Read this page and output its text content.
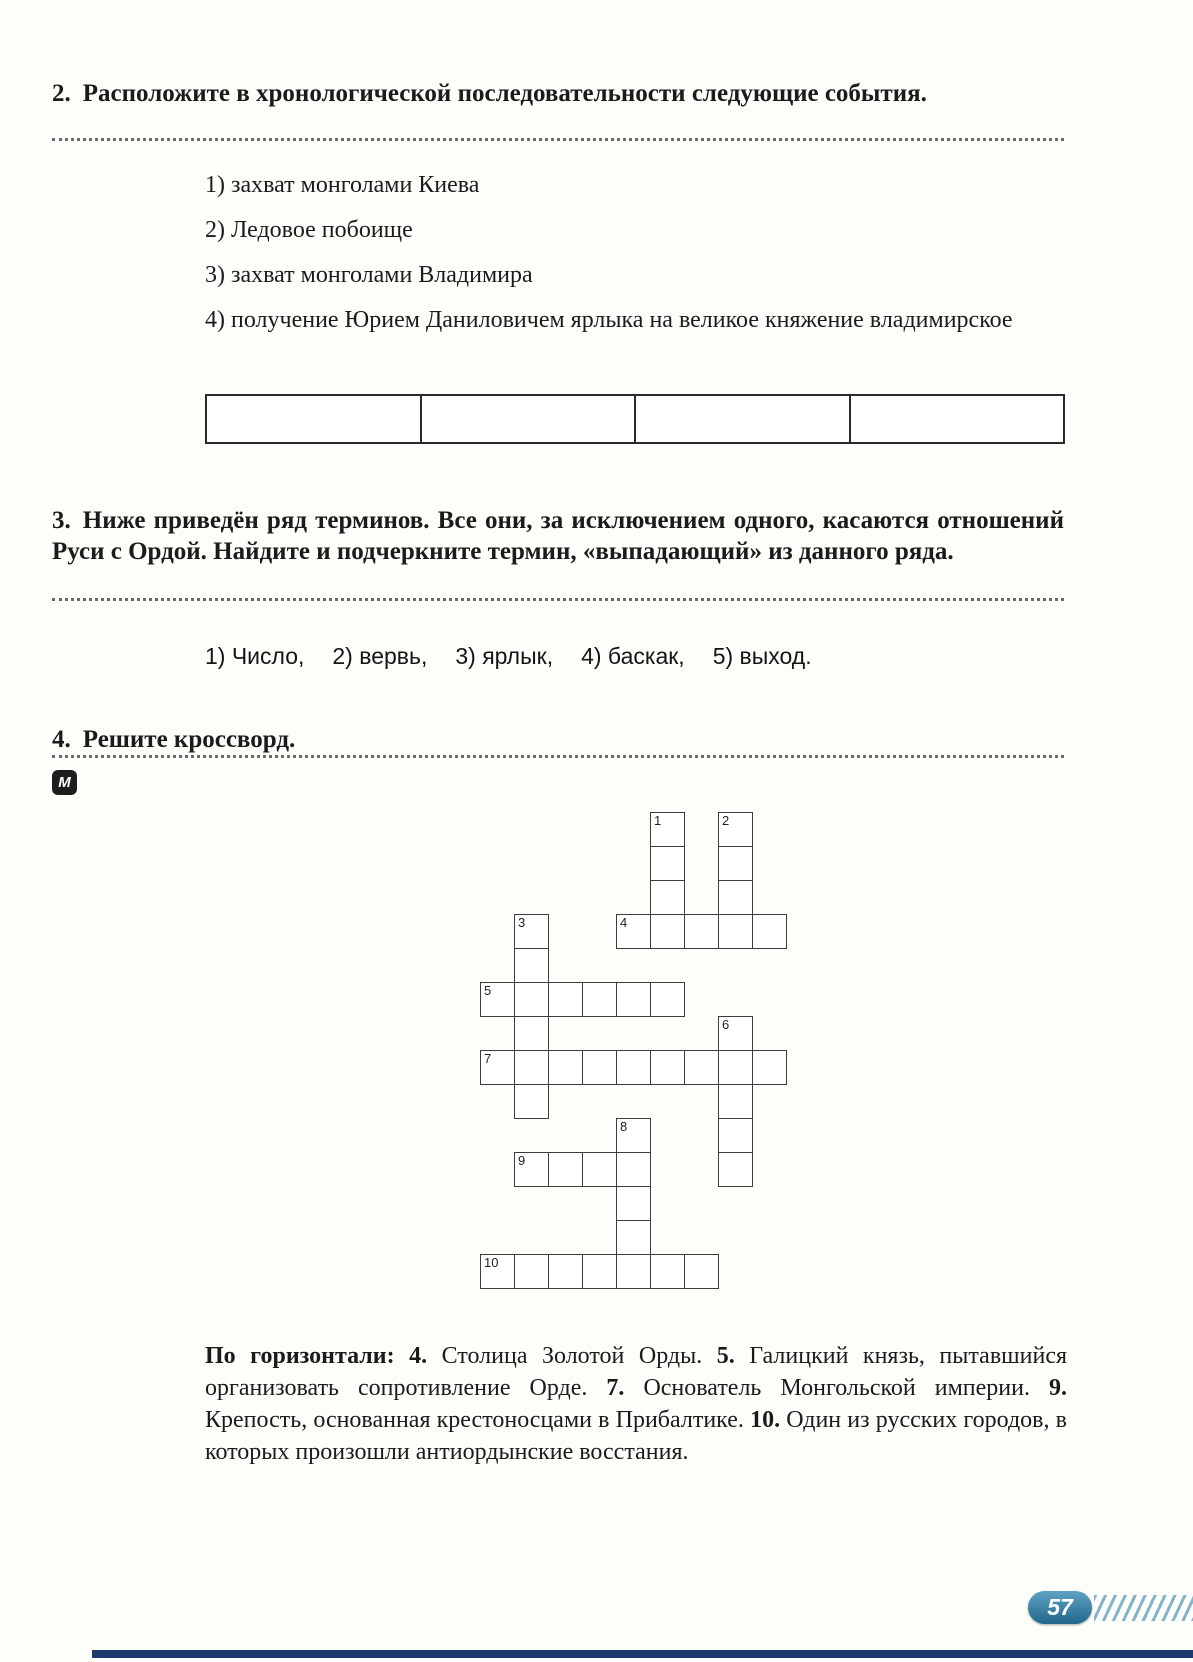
2. Расположите в хронологической последовательности следующие события.
1) захват монголами Киева
2) Ледовое побоище
3) захват монголами Владимира
4) получение Юрием Даниловичем ярлыка на великое княжение владимирское
3. Ниже приведён ряд терминов. Все они, за исключением одного, касаются отношений Руси с Ордой. Найдите и подчеркните термин, «выпадающий» из данного ряда.
1) Число, 2) вервь, 3) ярлык, 4) баскак, 5) выход.
4. Решите кроссворд.
М
1	2
3	4
5
6
7
8
9
10

По горизонтали: 4. Столица Золотой Орды. 5. Галицкий князь, пытавшийся организовать сопротивление Орде. 7. Основатель Монгольской империи. 9. Крепость, основанная крестоносцами в Прибалтике. 10. Один из русских городов, в которых произошли антиордынские восстания.

57
